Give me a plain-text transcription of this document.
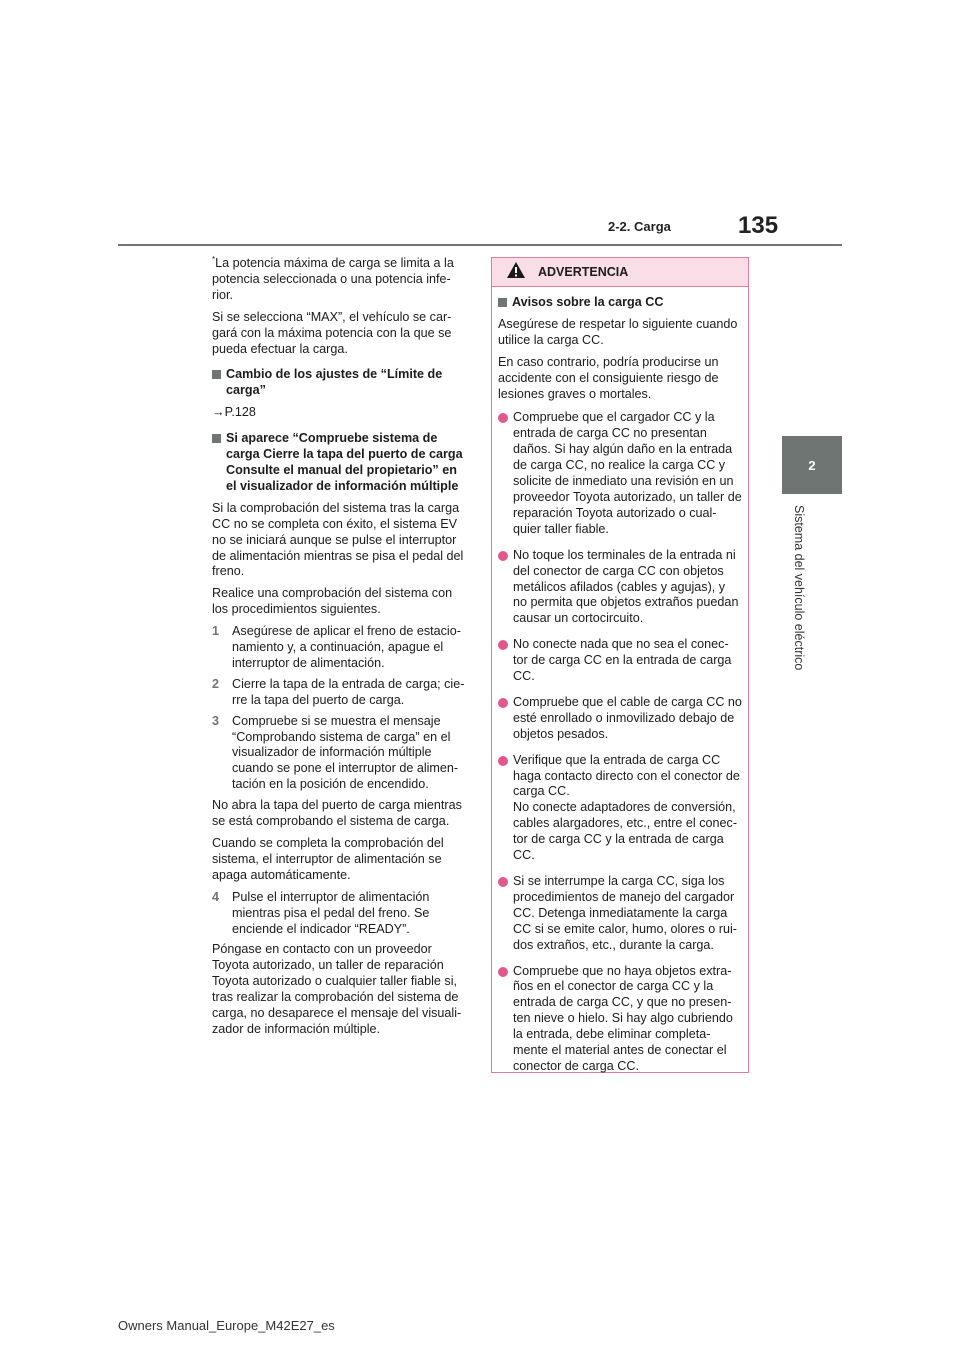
2-2. Carga	135
2
Sistema del vehículo eléctrico

*La potencia máxima de carga se limita a la potencia seleccionada o una potencia infe-rior.

Si se selecciona “MAX”, el vehículo se car-gará con la máxima potencia con la que se pueda efectuar la carga.

Cambio de los ajustes de “Límite de carga”

→P.128

Si aparece “Compruebe sistema de carga Cierre la tapa del puerto de carga Consulte el manual del propietario” en el visualizador de información múltiple

Si la comprobación del sistema tras la carga CC no se completa con éxito, el sistema EV no se iniciará aunque se pulse el interruptor de alimentación mientras se pisa el pedal del freno.

Realice una comprobación del sistema con los procedimientos siguientes.

1	Asegúrese de aplicar el freno de estacio-namiento y, a continuación, apague el interruptor de alimentación.
2	Cierre la tapa de la entrada de carga; cie-rre la tapa del puerto de carga.
3	Compruebe si se muestra el mensaje “Comprobando sistema de carga” en el visualizador de información múltiple cuando se pone el interruptor de alimen-tación en la posición de encendido.

No abra la tapa del puerto de carga mientras se está comprobando el sistema de carga.

Cuando se completa la comprobación del sistema, el interruptor de alimentación se apaga automáticamente.

4	Pulse el interruptor de alimentación mientras pisa el pedal del freno. Se enciende el indicador “READY”.

Póngase en contacto con un proveedor Toyota autorizado, un taller de reparación Toyota autorizado o cualquier taller fiable si, tras realizar la comprobación del sistema de carga, no desaparece el mensaje del visuali-zador de información múltiple.

ADVERTENCIA
Avisos sobre la carga CC

Asegúrese de respetar lo siguiente cuando utilice la carga CC.

En caso contrario, podría producirse un accidente con el consiguiente riesgo de lesiones graves o mortales.

Compruebe que el cargador CC y la entrada de carga CC no presentan daños. Si hay algún daño en la entrada de carga CC, no realice la carga CC y solicite de inmediato una revisión en un proveedor Toyota autorizado, un taller de reparación Toyota autorizado o cual-quier taller fiable.
No toque los terminales de la entrada ni del conector de carga CC con objetos metálicos afilados (cables y agujas), y no permita que objetos extraños puedan causar un cortocircuito.
No conecte nada que no sea el conec-tor de carga CC en la entrada de carga CC.
Compruebe que el cable de carga CC no esté enrollado o inmovilizado debajo de objetos pesados.
Verifique que la entrada de carga CC haga contacto directo con el conector de carga CC.
No conecte adaptadores de conversión, cables alargadores, etc., entre el conec-tor de carga CC y la entrada de carga CC.
Si se interrumpe la carga CC, siga los procedimientos de manejo del cargador CC. Detenga inmediatamente la carga CC si se emite calor, humo, olores o rui-dos extraños, etc., durante la carga.
Compruebe que no haya objetos extra-ños en el conector de carga CC y la entrada de carga CC, y que no presen-ten nieve o hielo. Si hay algo cubriendo la entrada, debe eliminar completa-mente el material antes de conectar el conector de carga CC.
Owners Manual_Europe_M42E27_es
